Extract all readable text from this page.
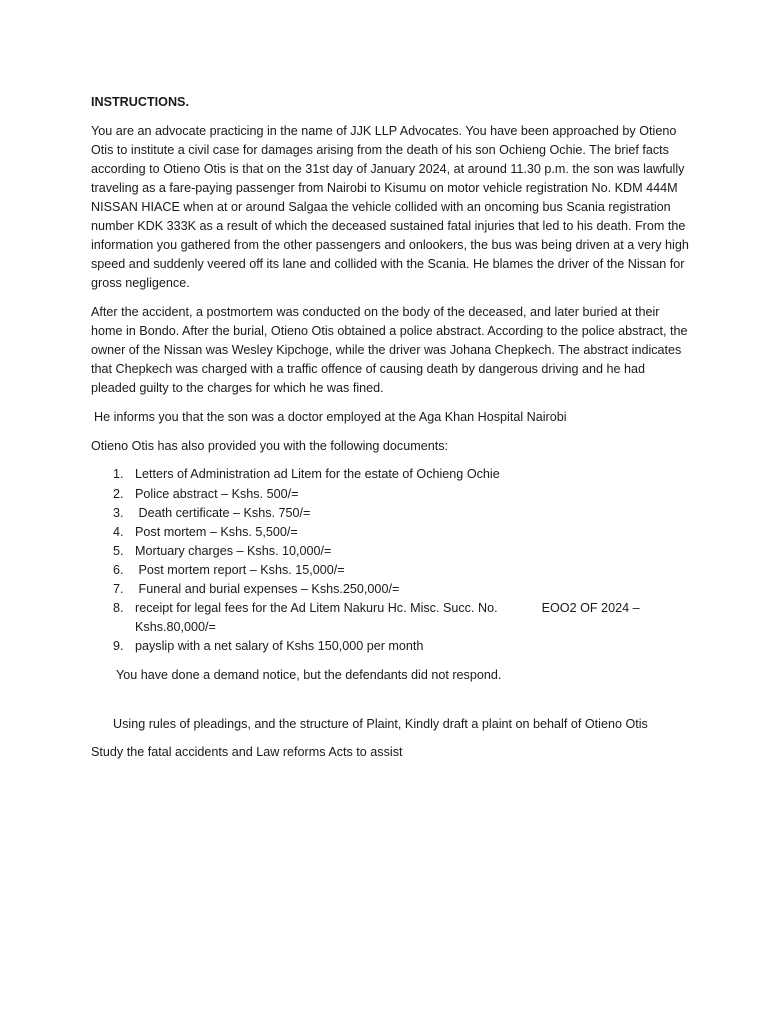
INSTRUCTIONS.
You are an advocate practicing in the name of JJK LLP Advocates. You have been approached by Otieno Otis to institute a civil case for damages arising from the death of his son Ochieng Ochie. The brief facts according to Otieno Otis is that on the 31st day of January 2024, at around 11.30 p.m. the son was lawfully traveling as a fare-paying passenger from Nairobi to Kisumu on motor vehicle registration No. KDM 444M NISSAN HIACE when at or around Salgaa the vehicle collided with an oncoming bus Scania registration number KDK 333K as a result of which the deceased sustained fatal injuries that led to his death. From the information you gathered from the other passengers and onlookers, the bus was being driven at a very high speed and suddenly veered off its lane and collided with the Scania. He blames the driver of the Nissan for gross negligence.
After the accident, a postmortem was conducted on the body of the deceased, and later buried at their home in Bondo. After the burial, Otieno Otis obtained a police abstract. According to the police abstract, the owner of the Nissan was Wesley Kipchoge, while the driver was Johana Chepkech. The abstract indicates that Chepkech was charged with a traffic offence of causing death by dangerous driving and he had pleaded guilty to the charges for which he was fined.
He informs you that the son was a doctor employed at the Aga Khan Hospital Nairobi
Otieno Otis has also provided you with the following documents:
1. Letters of Administration ad Litem for the estate of Ochieng Ochie
2. Police abstract – Kshs. 500/=
3. Death certificate – Kshs. 750/=
4. Post mortem – Kshs. 5,500/=
5. Mortuary charges – Kshs. 10,000/=
6. Post mortem report – Kshs. 15,000/=
7. Funeral and burial expenses – Kshs.250,000/=
8. receipt for legal fees for the Ad Litem Nakuru Hc. Misc. Succ. No.	EOO2 OF 2024 – Kshs.80,000/=
9. payslip with a net salary of Kshs 150,000 per month
You have done a demand notice, but the defendants did not respond.
Using rules of pleadings, and the structure of Plaint, Kindly draft a plaint on behalf of Otieno Otis
Study the fatal accidents and Law reforms Acts to assist
